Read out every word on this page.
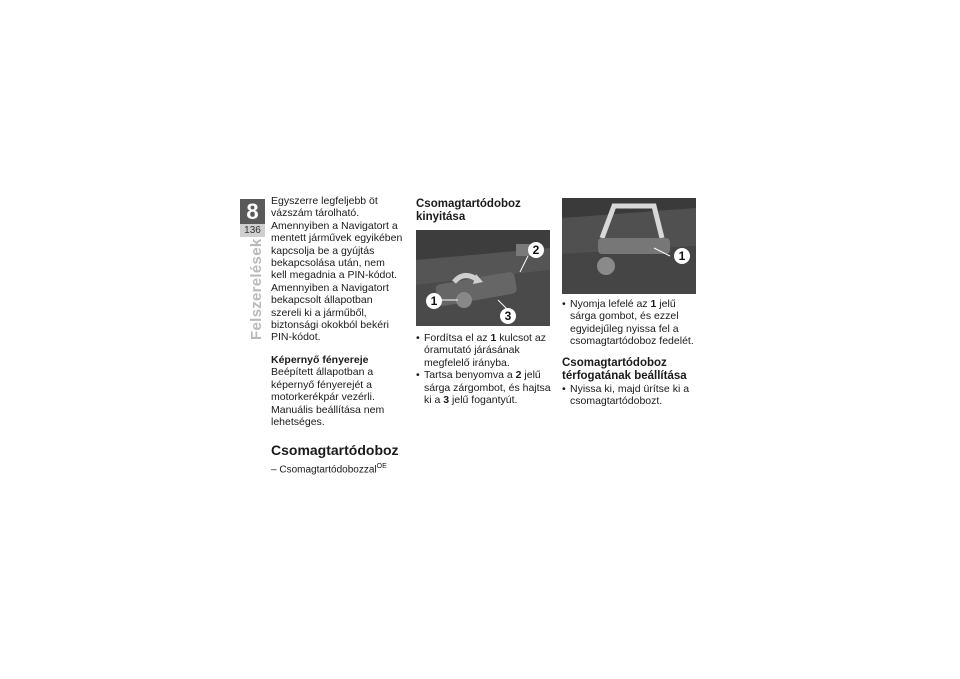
8
136
Felszerelések

Egyszerre legfeljebb öt vázszám tárolható.

Amennyiben a Navigatort a mentett járművek egyikében kapcsolja be a gyújtás bekapcsolása után, nem kell megadnia a PIN-kódot.

Amennyiben a Navigatort bekapcsolt állapotban szereli ki a járműből, biztonsági okokból bekéri PIN-kódot.

Képernyő fényereje

Beépített állapotban a képernyő fényerejét a motorkerékpár vezérli. Manuális beállítása nem lehetséges.

Csomagtartódoboz
– Csomagtartódobozzal$^{OE}$
Csomagtartódoboz
kinyitása
1
2
3
• Fordítsa el az 1 kulcsot az óramutató járásának megfelelő irányba.
• Tartsa benyomva a 2 jelű sárga zárgombot, és hajtsa ki a 3 jelű fogantyút.
1
• Nyomja lefelé az 1 jelű sárga gombot, és ezzel egyidejűleg nyissa fel a csomagtartódoboz fedelét.
Csomagtartódoboz
térfogatának beállítása
• Nyissa ki, majd ürítse ki a csomagtartódobozt.
